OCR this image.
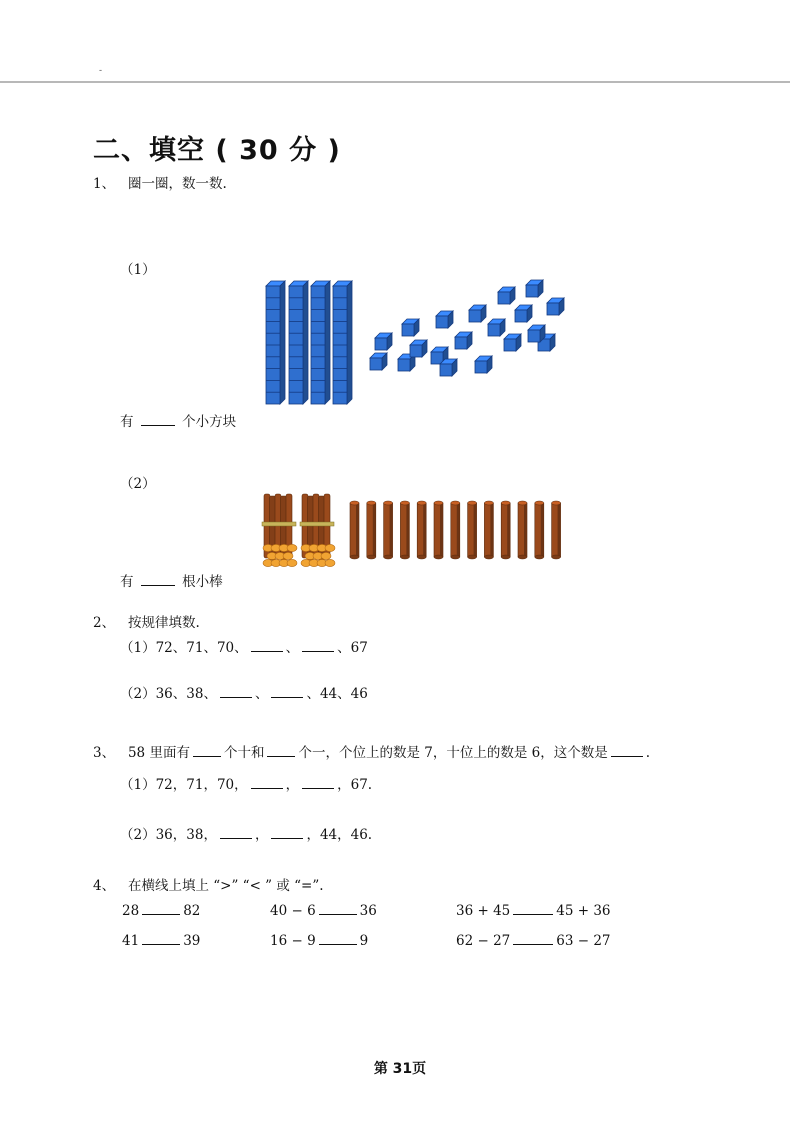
-
二、填空 ( 30 分 )
1、 圈一圈，数一数.
（1）
有	个小方块
（2）
有	根小棒
2、 按规律填数.
（1）72、71、70、	、	、67
（2）36、38、	、	、44、46
3、 58 里面有	个十和	个一，个位上的数是 7，十位上的数是 6，这个数是	.
（1）72，71，70，	，	，67.
（2）36，38，	，	，44，46.
4、 在横线上填上 “>” “< ” 或 “=”.
28	82	40 − 6	36	36 + 45	45 + 36
41	39	16 − 9	9	62 − 27	63 − 27
第 31页
